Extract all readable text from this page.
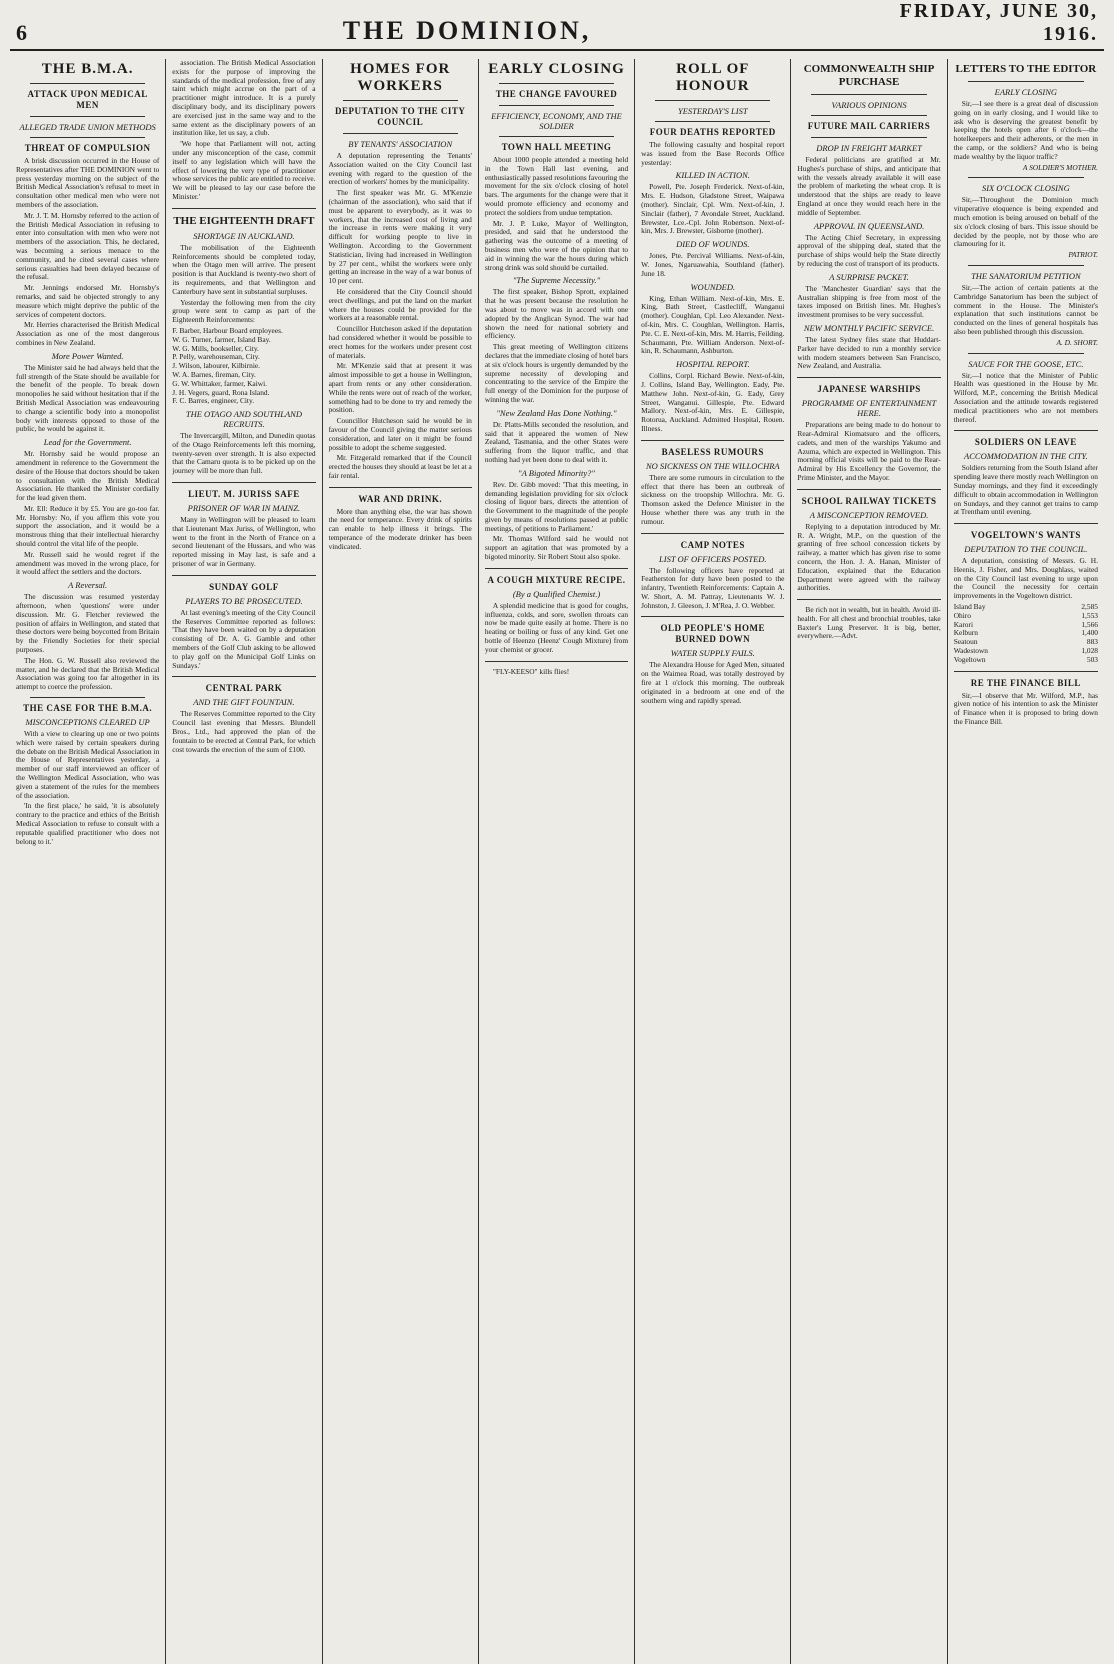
6	THE DOMINION,
FRIDAY, JUNE 30, 1916.
THE B.M.A.
ATTACK UPON MEDICAL MEN
ALLEGED TRADE UNION METHODS
THREAT OF COMPULSION

A brisk discussion occurred in the House of Representatives after THE DOMINION went to press yesterday morning on the subject of the British Medical Association's refusal to meet in consultation other medical men who were not members of the association.

Mr. J. T. M. Hornsby referred to the action of the British Medical Association in refusing to enter into consultation with men who were not members of the association. This, he declared, was becoming a serious menace to the community, and he cited several cases where serious casualties had been delayed because of the refusal.

Mr. Jennings endorsed Mr. Hornsby's remarks, and said he objected strongly to any measure which might deprive the public of the services of competent doctors.

Mr. Herries characterised the British Medical Association as one of the most dangerous combines in New Zealand.

More Power Wanted.

The Minister said he had always held that the full strength of the State should be available for the benefit of the people. To break down monopolies he said without hesitation that if the British Medical Association was endeavouring to change a scientific body into a monopolist body with interests opposed to those of the public, he would be against it.

Lead for the Government.

Mr. Hornsby said he would propose an amendment in reference to the Government the desire of the House that doctors should be taken to consultation with the British Medical Association. He thanked the Minister cordially for the lead given them.

Mr. Ell: Reduce it by £5. You are go-too far. Mr. Hornsby: No, if you affirm this vote you support the association, and it would be a monstrous thing that their intellectual hierarchy should control the vital life of the people.

Mr. Russell said he would regret if the amendment was moved in the wrong place, for it would affect the settlers and the doctors.

A Reversal.

The discussion was resumed yesterday afternoon, when 'questions' were under discussion. Mr. G. Fletcher reviewed the position of affairs in Wellington, and stated that these doctors were being boycotted from Britain by the Friendly Societies for their special purposes.

The Hon. G. W. Russell also reviewed the matter, and he declared that the British Medical Association was going too far altogether in its attempt to coerce the profession.

THE CASE FOR THE B.M.A.
MISCONCEPTIONS CLEARED UP

With a view to clearing up one or two points which were raised by certain speakers during the debate on the British Medical Association in the House of Representatives yesterday, a member of our staff interviewed an officer of the Wellington Medical Association, who was given a statement of the rules for the members of the association.

'In the first place,' he said, 'it is absolutely contrary to the practice and ethics of the British Medical Association to refuse to consult with a reputable qualified practitioner who does not belong to it.'

association. The British Medical Association exists for the purpose of improving the standards of the medical profession, free of any taint which might accrue on the part of a practitioner might introduce. It is a purely disciplinary body, and its disciplinary powers are exercised just in the same way and to the same extent as the disciplinary powers of an institution like, let us say, a club.

'We hope that Parliament will not, acting under any misconception of the case, commit itself to any legislation which will have the effect of lowering the very type of practitioner whose services the public are entitled to receive. We will be pleased to lay our case before the Minister.'

THE EIGHTEENTH DRAFT
SHORTAGE IN AUCKLAND.

The mobilisation of the Eighteenth Reinforcements should be completed today, when the Otago men will arrive. The present position is that Auckland is twenty-two short of its requirements, and that Wellington and Canterbury have sent in substantial surpluses.

Yesterday the following men from the city group were sent to camp as part of the Eighteenth Reinforcements:

F. Barber, Harbour Board employees.
W. G. Turner, farmer, Island Bay.
W. G. Mills, bookseller, City.
P. Pelly, warehouseman, City.
J. Wilson, labourer, Kilbirnie.
W. A. Barnes, fireman, City.
G. W. Whittaker, farmer, Kaiwi.
J. H. Vegers, guard, Rona Island.
F. C. Barres, engineer, City.
THE OTAGO AND SOUTHLAND RECRUITS.

The Invercargill, Milton, and Dunedin quotas of the Otago Reinforcements left this morning, twenty-seven over strength. It is also expected that the Camaru quota is to be picked up on the journey will be more than full.

LIEUT. M. JURISS SAFE
PRISONER OF WAR IN MAINZ.

Many in Wellington will be pleased to learn that Lieutenant Max Juriss, of Wellington, who went to the front in the North of France on a second lieutenant of the Hussars, and who was reported missing in May last, is safe and a prisoner of war in Germany.

SUNDAY GOLF
PLAYERS TO BE PROSECUTED.

At last evening's meeting of the City Council the Reserves Committee reported as follows: 'That they have been waited on by a deputation consisting of Dr. A. G. Gamble and other members of the Golf Club asking to be allowed to play golf on the Municipal Golf Links on Sundays.'

CENTRAL PARK
AND THE GIFT FOUNTAIN.

The Reserves Committee reported to the City Council last evening that Messrs. Blundell Bros., Ltd., had approved the plan of the fountain to be erected at Central Park, for which cost towards the erection of the sum of £100.

HOMES FOR WORKERS
DEPUTATION TO THE CITY COUNCIL
BY TENANTS' ASSOCIATION

A deputation representing the Tenants' Association waited on the City Council last evening with regard to the question of the erection of workers' homes by the municipality.

The first speaker was Mr. G. M'Kenzie (chairman of the association), who said that if must be apparent to everybody, as it was to workers, that the increased cost of living and the increase in rents were making it very difficult for working people to live in Wellington. According to the Government Statistician, living had increased in Wellington by 27 per cent., whilst the workers were only getting an increase in the way of a war bonus of 10 per cent.

He considered that the City Council should erect dwellings, and put the land on the market where the houses could be provided for the workers at a reasonable rental.

Councillor Hutcheson asked if the deputation had considered whether it would be possible to erect homes for the workers under present cost of materials.

Mr. M'Kenzie said that at present it was almost impossible to get a house in Wellington, apart from rents or any other consideration. While the rents were out of reach of the worker, something had to be done to try and remedy the position.

Councillor Hutcheson said he would be in favour of the Council giving the matter serious consideration, and later on it might be found possible to adopt the scheme suggested.

Mr. Fitzgerald remarked that if the Council erected the houses they should at least be let at a fair rental.

WAR AND DRINK.

More than anything else, the war has shown the need for temperance. Every drink of spirits can enable to help illness it brings. The temperance of the moderate drinker has been vindicated.

EARLY CLOSING
THE CHANGE FAVOURED
EFFICIENCY, ECONOMY, AND THE SOLDIER
TOWN HALL MEETING

About 1000 people attended a meeting held in the Town Hall last evening, and enthusiastically passed resolutions favouring the movement for the six o'clock closing of hotel bars. The arguments for the change were that it would promote efficiency and economy and protect the soldiers from undue temptation.

Mr. J. P. Luke, Mayor of Wellington, presided, and said that he understood the gathering was the outcome of a meeting of business men who were of the opinion that to aid in winning the war the hours during which strong drink was sold should be curtailed.

"The Supreme Necessity."

The first speaker, Bishop Sprott, explained that he was present because the resolution he was about to move was in accord with one adopted by the Anglican Synod. The war had shown the need for national sobriety and efficiency.

This great meeting of Wellington citizens declares that the immediate closing of hotel bars at six o'clock hours is urgently demanded by the supreme necessity of developing and concentrating to the service of the Empire the full energy of the Dominion for the purpose of winning the war.

"New Zealand Has Done Nothing."

Dr. Platts-Mills seconded the resolution, and said that it appeared the women of New Zealand, Tasmania, and the other States were suffering from the liquor traffic, and that nothing had yet been done to deal with it.

"A Bigoted Minority?"

Rev. Dr. Gibb moved: 'That this meeting, in demanding legislation providing for six o'clock closing of liquor bars, directs the attention of the Government to the magnitude of the people given by means of resolutions passed at public meetings, of petitions to Parliament.'

Mr. Thomas Wilford said he would not support an agitation that was promoted by a bigoted minority. Sir Robert Stout also spoke.

A COUGH MIXTURE RECIPE.
(By a Qualified Chemist.)

A splendid medicine that is good for coughs, influenza, colds, and sore, swollen throats can now be made quite easily at home. There is no heating or boiling or fuss of any kind. Get one bottle of Heenzo (Heenz' Cough Mixture) from your chemist or grocer.

"FLY-KEESO" kills flies!

ROLL OF HONOUR
YESTERDAY'S LIST
FOUR DEATHS REPORTED

The following casualty and hospital report was issued from the Base Records Office yesterday:

KILLED IN ACTION.

Powell, Pte. Joseph Frederick. Next-of-kin, Mrs. E. Hudson, Gladstone Street, Waipawa (mother). Sinclair, Cpl. Wm. Next-of-kin, J. Sinclair (father), 7 Avondale Street, Auckland. Brewster, Lce.-Cpl. John Robertson. Next-of-kin, Mrs. J. Brewster, Gisborne (mother).

DIED OF WOUNDS.

Jones, Pte. Percival Williams. Next-of-kin, W. Jones, Ngaruawahia, Southland (father). June 18.

WOUNDED.

King, Ethan William. Next-of-kin, Mrs. E. King, Bath Street, Castlecliff, Wanganui (mother). Coughlan, Cpl. Leo Alexander. Next-of-kin, Mrs. C. Coughlan, Wellington. Harris, Pte. C. E. Next-of-kin, Mrs. M. Harris, Feilding. Schaumann, Pte. William Anderson. Next-of-kin, R. Schaumann, Ashburton.

HOSPITAL REPORT.

Collins, Corpl. Richard Bewie. Next-of-kin, J. Collins, Island Bay, Wellington. Eady, Pte. Matthew John. Next-of-kin, G. Eady, Grey Street, Wanganui. Gillespie, Pte. Edward Mallory. Next-of-kin, Mrs. E. Gillespie, Rotorua, Auckland. Admitted Hospital, Rouen. Illness.

BASELESS RUMOURS
NO SICKNESS ON THE WILLOCHRA

There are some rumours in circulation to the effect that there has been an outbreak of sickness on the troopship Willochra. Mr. G. Thomson asked the Defence Minister in the House whether there was any truth in the rumour.

CAMP NOTES
LIST OF OFFICERS POSTED.

The following officers have reported at Featherston for duty have been posted to the infantry, Twentieth Reinforcements: Captain A. W. Short, A. M. Pattray, Lieutenants W. J. Johnston, J. Gleeson, J. M'Rea, J. O. Webber.

OLD PEOPLE'S HOME BURNED DOWN
WATER SUPPLY FAILS.

The Alexandra House for Aged Men, situated on the Waimea Road, was totally destroyed by fire at 1 o'clock this morning. The outbreak originated in a bedroom at one end of the southern wing and rapidly spread.

COMMONWEALTH SHIP PURCHASE
VARIOUS OPINIONS
FUTURE MAIL CARRIERS
DROP IN FREIGHT MARKET

Federal politicians are gratified at Mr. Hughes's purchase of ships, and anticipate that with the vessels already available it will ease the problem of marketing the wheat crop. It is understood that the ships are ready to leave England at once they would reach here in the middle of September.

APPROVAL IN QUEENSLAND.

The Acting Chief Secretary, in expressing approval of the shipping deal, stated that the purchase of ships would help the State directly by reducing the cost of transport of its products.

A SURPRISE PACKET.

The 'Manchester Guardian' says that the Australian shipping is free from most of the taxes imposed on British lines. Mr. Hughes's investment promises to be very successful.

NEW MONTHLY PACIFIC SERVICE.

The latest Sydney files state that Huddart-Parker have decided to run a monthly service with modern steamers between San Francisco, New Zealand, and Australia.

JAPANESE WARSHIPS
PROGRAMME OF ENTERTAINMENT HERE.

Preparations are being made to do honour to Rear-Admiral Kiomatsuro and the officers, cadets, and men of the warships Yakumo and Azuma, which are expected in Wellington. This morning official visits will be paid to the Rear-Admiral by His Excellency the Governor, the Prime Minister, and the Mayor.

SCHOOL RAILWAY TICKETS
A MISCONCEPTION REMOVED.

Replying to a deputation introduced by Mr. R. A. Wright, M.P., on the question of the granting of free school concession tickets by railway, a matter which has given rise to some concern, the Hon. J. A. Hanan, Minister of Education, explained that the Education Department were agreed with the railway authorities.

Be rich not in wealth, but in health. Avoid ill-health. For all chest and bronchial troubles, take Baxter's Lung Preserver. It is big, better, everywhere.—Advt.

LETTERS TO THE EDITOR
EARLY CLOSING

Sir,—I see there is a great deal of discussion going on in early closing, and I would like to ask who is deserving the greatest benefit by keeping the hotels open after 6 o'clock—the hotelkeepers and their adherents, or the men in the camp, or the soldiers? And who is being made wealthy by the liquor traffic?

A SOLDIER'S MOTHER.
SIX O'CLOCK CLOSING

Sir,—Throughout the Dominion much vituperative eloquence is being expended and much emotion is being aroused on behalf of the six o'clock closing of bars. This issue should be decided by the people, not by those who are clamouring for it.

PATRIOT.
THE SANATORIUM PETITION

Sir,—The action of certain patients at the Cambridge Sanatorium has been the subject of comment in the House. The Minister's explanation that such institutions cannot be conducted on the lines of general hospitals has also been published through this discussion.

A. D. SHORT.
SAUCE FOR THE GOOSE, ETC.

Sir,—I notice that the Minister of Public Health was questioned in the House by Mr. Wilford, M.P., concerning the British Medical Association and the attitude towards registered medical practitioners who are not members thereof.

SOLDIERS ON LEAVE
ACCOMMODATION IN THE CITY.

Soldiers returning from the South Island after spending leave there mostly reach Wellington on Sunday mornings, and they find it exceedingly difficult to obtain accommodation in Wellington on Sundays, and they cannot get trains to camp at Trentham until evening.

VOGELTOWN'S WANTS
DEPUTATION TO THE COUNCIL.

A deputation, consisting of Messrs. G. H. Heenis, J. Fisher, and Mrs. Doughlass, waited on the City Council last evening to urge upon the Council the necessity for certain improvements in the Vogeltown district.

Island Bay	2,585
Ohiro	1,553
Karori	1,566
Kelburn	1,400
Seatoun	883
Wadestown	1,028
Vogeltown	503
RE THE FINANCE BILL

Sir,—I observe that Mr. Wilford, M.P., has given notice of his intention to ask the Minister of Finance when it is proposed to bring down the Finance Bill.
